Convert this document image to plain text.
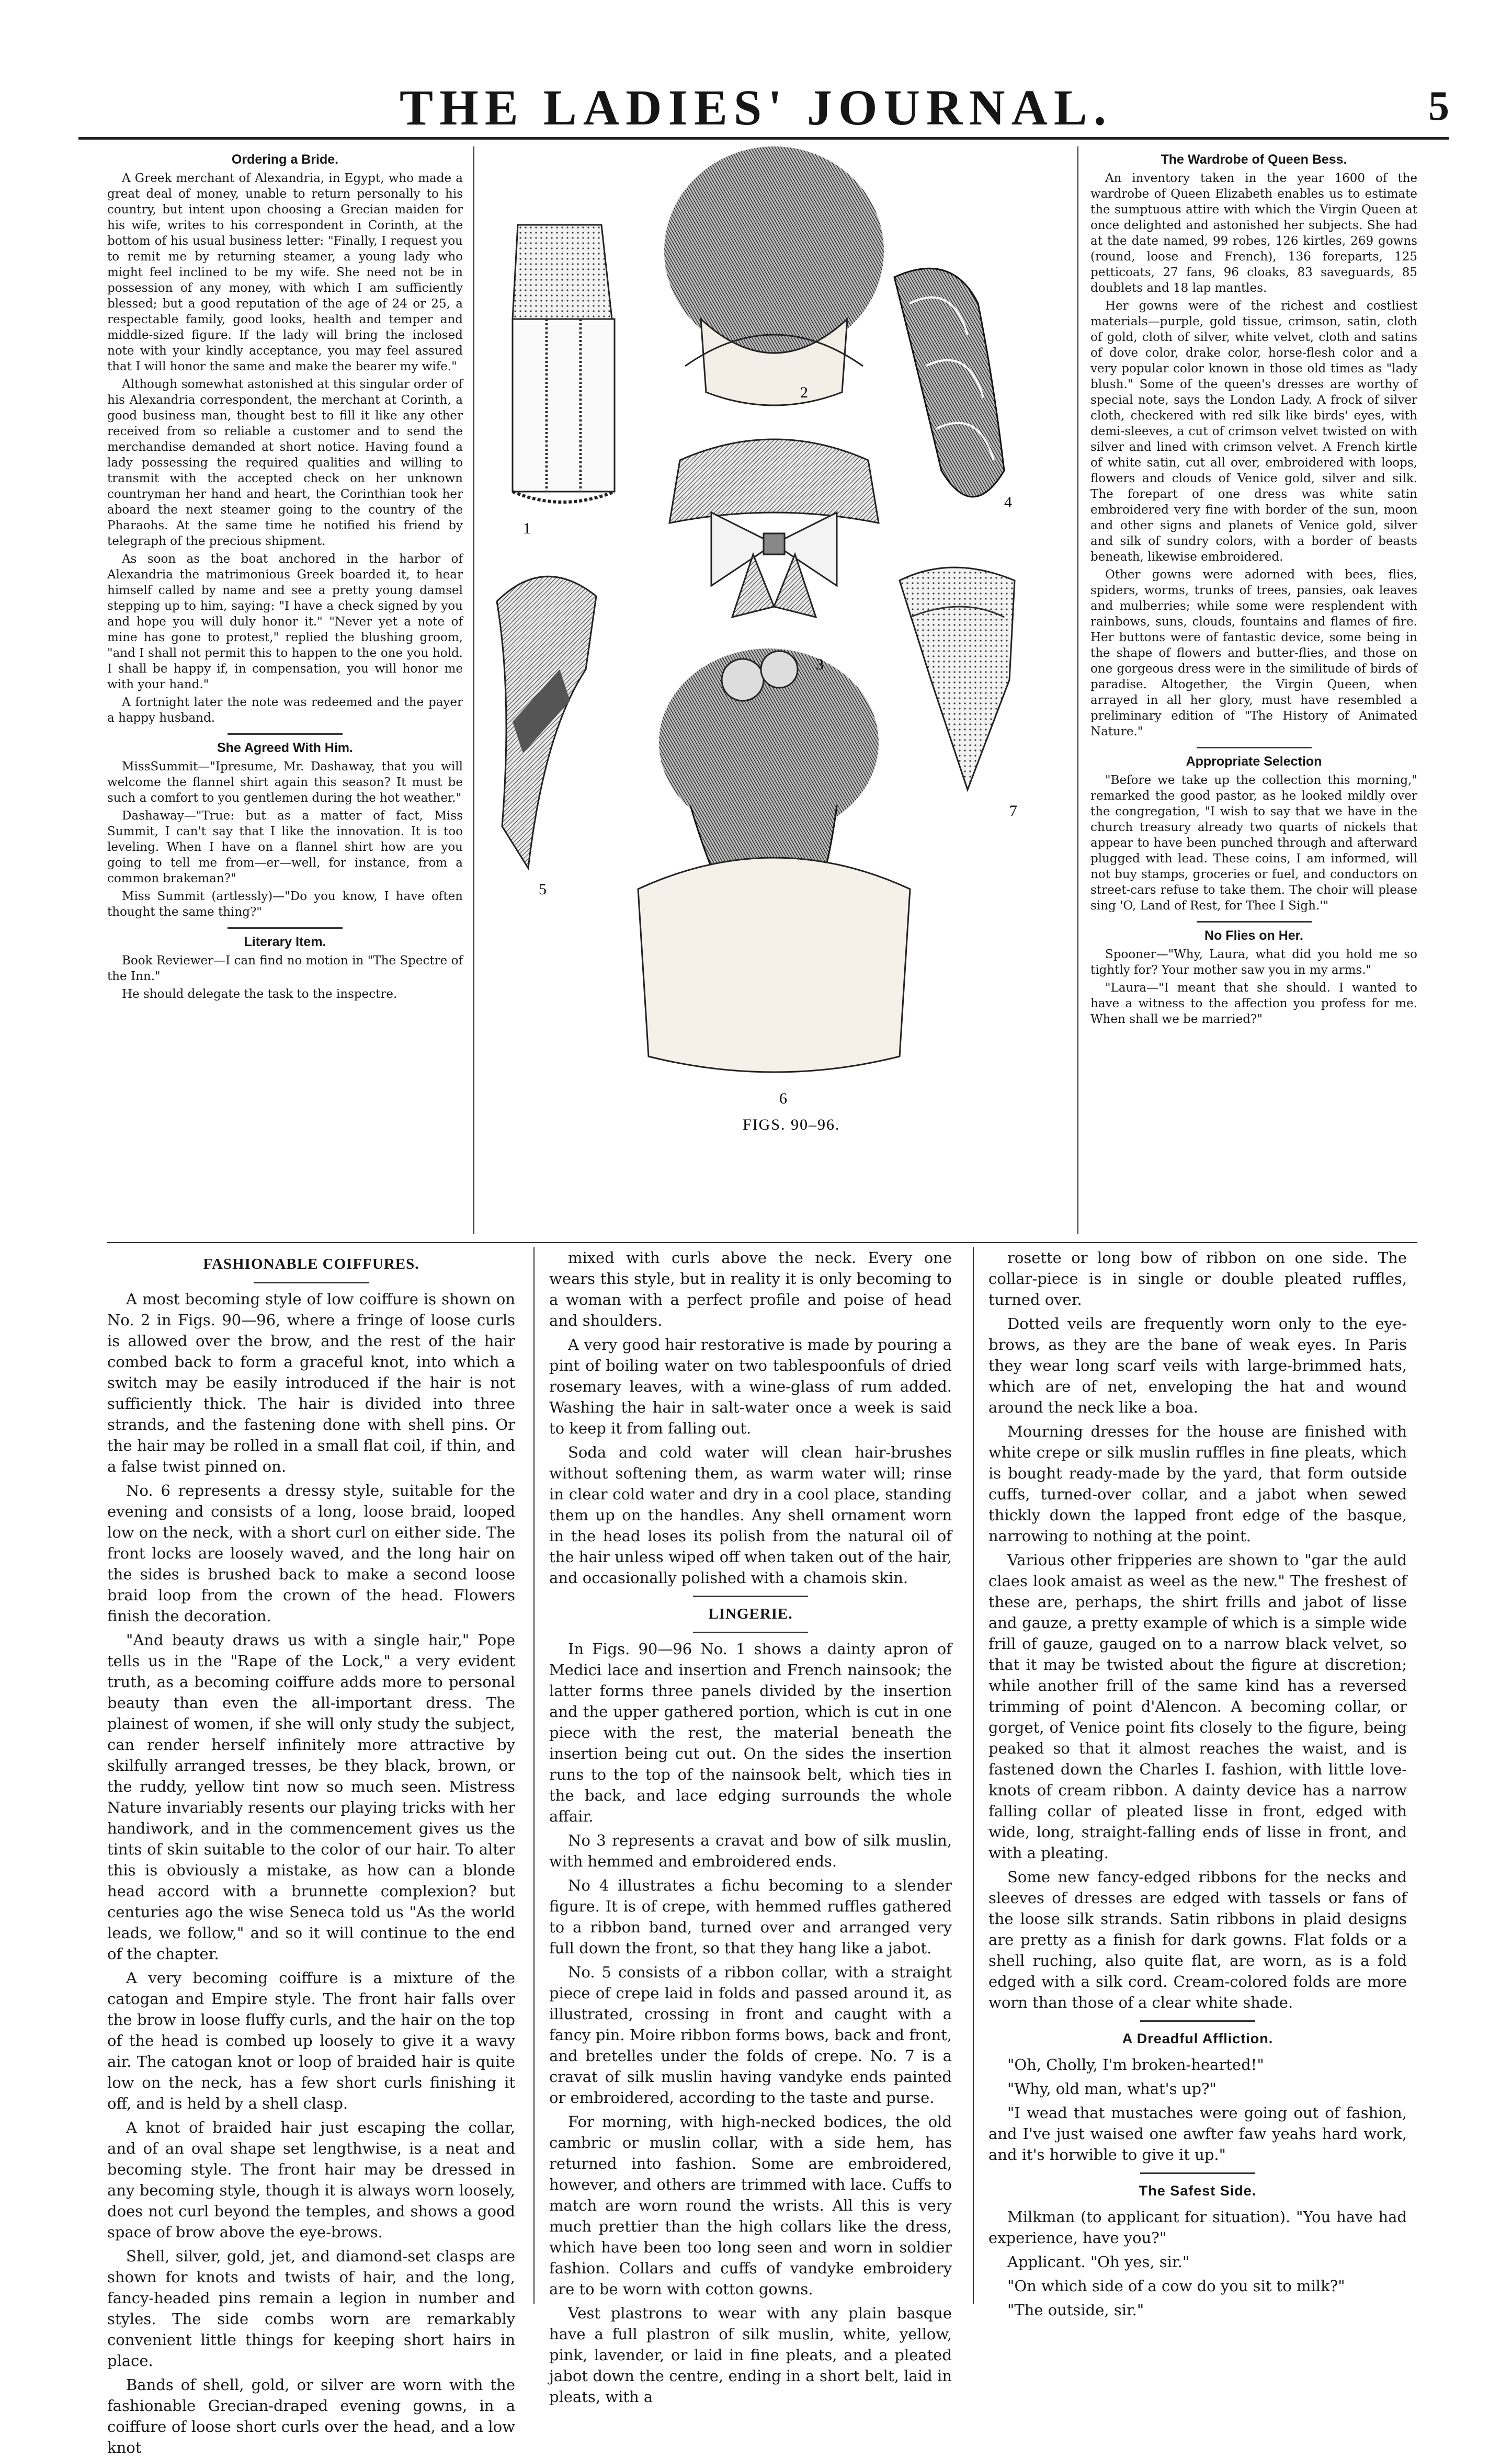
THE LADIES' JOURNAL.	5
Ordering a Bride.

A Greek merchant of Alexandria, in Egypt, who made a great deal of money, unable to return personally to his country, but intent upon choosing a Grecian maiden for his wife, writes to his correspondent in Corinth, at the bottom of his usual business letter: "Finally, I request you to remit me by returning steamer, a young lady who might feel inclined to be my wife. She need not be in possession of any money, with which I am sufficiently blessed; but a good reputation of the age of 24 or 25, a respectable family, good looks, health and temper and middle-sized figure. If the lady will bring the inclosed note with your kindly acceptance, you may feel assured that I will honor the same and make the bearer my wife."

Although somewhat astonished at this singular order of his Alexandria correspondent, the merchant at Corinth, a good business man, thought best to fill it like any other received from so reliable a customer and to send the merchandise demanded at short notice. Having found a lady possessing the required qualities and willing to transmit with the accepted check on her unknown countryman her hand and heart, the Corinthian took her aboard the next steamer going to the country of the Pharaohs. At the same time he notified his friend by telegraph of the precious shipment.

As soon as the boat anchored in the harbor of Alexandria the matrimonious Greek boarded it, to hear himself called by name and see a pretty young damsel stepping up to him, saying: "I have a check signed by you and hope you will duly honor it." "Never yet a note of mine has gone to protest," replied the blushing groom, "and I shall not permit this to happen to the one you hold. I shall be happy if, in compensation, you will honor me with your hand."

A fortnight later the note was redeemed and the payer a happy husband.

She Agreed With Him.

MissSummit—"Ipresume, Mr. Dashaway, that you will welcome the flannel shirt again this season? It must be such a comfort to you gentlemen during the hot weather."

Dashaway—"True: but as a matter of fact, Miss Summit, I can't say that I like the innovation. It is too leveling. When I have on a flannel shirt how are you going to tell me from—er—well, for instance, from a common brakeman?"

Miss Summit (artlessly)—"Do you know, I have often thought the same thing?"

Literary Item.

Book Reviewer—I can find no motion in "The Spectre of the Inn."

He should delegate the task to the inspectre.

The Wardrobe of Queen Bess.

An inventory taken in the year 1600 of the wardrobe of Queen Elizabeth enables us to estimate the sumptuous attire with which the Virgin Queen at once delighted and astonished her subjects. She had at the date named, 99 robes, 126 kirtles, 269 gowns (round, loose and French), 136 foreparts, 125 petticoats, 27 fans, 96 cloaks, 83 saveguards, 85 doublets and 18 lap mantles.

Her gowns were of the richest and costliest materials—purple, gold tissue, crimson, satin, cloth of gold, cloth of silver, white velvet, cloth and satins of dove color, drake color, horse-flesh color and a very popular color known in those old times as "lady blush." Some of the queen's dresses are worthy of special note, says the London Lady. A frock of silver cloth, checkered with red silk like birds' eyes, with demi-sleeves, a cut of crimson velvet twisted on with silver and lined with crimson velvet. A French kirtle of white satin, cut all over, embroidered with loops, flowers and clouds of Venice gold, silver and silk. The forepart of one dress was white satin embroidered very fine with border of the sun, moon and other signs and planets of Venice gold, silver and silk of sundry colors, with a border of beasts beneath, likewise embroidered.

Other gowns were adorned with bees, flies, spiders, worms, trunks of trees, pansies, oak leaves and mulberries; while some were resplendent with rainbows, suns, clouds, fountains and flames of fire. Her buttons were of fantastic device, some being in the shape of flowers and butter-flies, and those on one gorgeous dress were in the similitude of birds of paradise. Altogether, the Virgin Queen, when arrayed in all her glory, must have resembled a preliminary edition of "The History of Animated Nature."

Appropriate Selection

"Before we take up the collection this morning," remarked the good pastor, as he looked mildly over the congregation, "I wish to say that we have in the church treasury already two quarts of nickels that appear to have been punched through and afterward plugged with lead. These coins, I am informed, will not buy stamps, groceries or fuel, and conductors on street-cars refuse to take them. The choir will please sing 'O, Land of Rest, for Thee I Sigh.'"

No Flies on Her.

Spooner—"Why, Laura, what did you hold me so tightly for? Your mother saw you in my arms."

"Laura—"I meant that she should. I wanted to have a witness to the affection you profess for me. When shall we be married?"

1
2
3
4
5
6
7
FIGS. 90–96.
FASHIONABLE COIFFURES.

A most becoming style of low coiffure is shown on No. 2 in Figs. 90—96, where a fringe of loose curls is allowed over the brow, and the rest of the hair combed back to form a graceful knot, into which a switch may be easily introduced if the hair is not sufficiently thick. The hair is divided into three strands, and the fastening done with shell pins. Or the hair may be rolled in a small flat coil, if thin, and a false twist pinned on.

No. 6 represents a dressy style, suitable for the evening and consists of a long, loose braid, looped low on the neck, with a short curl on either side. The front locks are loosely waved, and the long hair on the sides is brushed back to make a second loose braid loop from the crown of the head. Flowers finish the decoration.

"And beauty draws us with a single hair," Pope tells us in the "Rape of the Lock," a very evident truth, as a becoming coiffure adds more to personal beauty than even the all-important dress. The plainest of women, if she will only study the subject, can render herself infinitely more attractive by skilfully arranged tresses, be they black, brown, or the ruddy, yellow tint now so much seen. Mistress Nature invariably resents our playing tricks with her handiwork, and in the commencement gives us the tints of skin suitable to the color of our hair. To alter this is obviously a mistake, as how can a blonde head accord with a brunnette complexion? but centuries ago the wise Seneca told us "As the world leads, we follow," and so it will continue to the end of the chapter.

A very becoming coiffure is a mixture of the catogan and Empire style. The front hair falls over the brow in loose fluffy curls, and the hair on the top of the head is combed up loosely to give it a wavy air. The catogan knot or loop of braided hair is quite low on the neck, has a few short curls finishing it off, and is held by a shell clasp.

A knot of braided hair just escaping the collar, and of an oval shape set lengthwise, is a neat and becoming style. The front hair may be dressed in any becoming style, though it is always worn loosely, does not curl beyond the temples, and shows a good space of brow above the eye-brows.

Shell, silver, gold, jet, and diamond-set clasps are shown for knots and twists of hair, and the long, fancy-headed pins remain a legion in number and styles. The side combs worn are remarkably convenient little things for keeping short hairs in place.

Bands of shell, gold, or silver are worn with the fashionable Grecian-draped evening gowns, in a coiffure of loose short curls over the head, and a low knot

mixed with curls above the neck. Every one wears this style, but in reality it is only becoming to a woman with a perfect profile and poise of head and shoulders.

A very good hair restorative is made by pouring a pint of boiling water on two tablespoonfuls of dried rosemary leaves, with a wine-glass of rum added. Washing the hair in salt-water once a week is said to keep it from falling out.

Soda and cold water will clean hair-brushes without softening them, as warm water will; rinse in clear cold water and dry in a cool place, standing them up on the handles. Any shell ornament worn in the head loses its polish from the natural oil of the hair unless wiped off when taken out of the hair, and occasionally polished with a chamois skin.

LINGERIE.

In Figs. 90—96 No. 1 shows a dainty apron of Medici lace and insertion and French nainsook; the latter forms three panels divided by the insertion and the upper gathered portion, which is cut in one piece with the rest, the material beneath the insertion being cut out. On the sides the insertion runs to the top of the nainsook belt, which ties in the back, and lace edging surrounds the whole affair.

No 3 represents a cravat and bow of silk muslin, with hemmed and embroidered ends.

No 4 illustrates a fichu becoming to a slender figure. It is of crepe, with hemmed ruffles gathered to a ribbon band, turned over and arranged very full down the front, so that they hang like a jabot.

No. 5 consists of a ribbon collar, with a straight piece of crepe laid in folds and passed around it, as illustrated, crossing in front and caught with a fancy pin. Moire ribbon forms bows, back and front, and bretelles under the folds of crepe. No. 7 is a cravat of silk muslin having vandyke ends painted or embroidered, according to the taste and purse.

For morning, with high-necked bodices, the old cambric or muslin collar, with a side hem, has returned into fashion. Some are embroidered, however, and others are trimmed with lace. Cuffs to match are worn round the wrists. All this is very much prettier than the high collars like the dress, which have been too long seen and worn in soldier fashion. Collars and cuffs of vandyke embroidery are to be worn with cotton gowns.

Vest plastrons to wear with any plain basque have a full plastron of silk muslin, white, yellow, pink, lavender, or laid in fine pleats, and a pleated jabot down the centre, ending in a short belt, laid in pleats, with a

rosette or long bow of ribbon on one side. The collar-piece is in single or double pleated ruffles, turned over.

Dotted veils are frequently worn only to the eye-brows, as they are the bane of weak eyes. In Paris they wear long scarf veils with large-brimmed hats, which are of net, enveloping the hat and wound around the neck like a boa.

Mourning dresses for the house are finished with white crepe or silk muslin ruffles in fine pleats, which is bought ready-made by the yard, that form outside cuffs, turned-over collar, and a jabot when sewed thickly down the lapped front edge of the basque, narrowing to nothing at the point.

Various other fripperies are shown to "gar the auld claes look amaist as weel as the new." The freshest of these are, perhaps, the shirt frills and jabot of lisse and gauze, a pretty example of which is a simple wide frill of gauze, gauged on to a narrow black velvet, so that it may be twisted about the figure at discretion; while another frill of the same kind has a reversed trimming of point d'Alencon. A becoming collar, or gorget, of Venice point fits closely to the figure, being peaked so that it almost reaches the waist, and is fastened down the Charles I. fashion, with little love-knots of cream ribbon. A dainty device has a narrow falling collar of pleated lisse in front, edged with wide, long, straight-falling ends of lisse in front, and with a pleating.

Some new fancy-edged ribbons for the necks and sleeves of dresses are edged with tassels or fans of the loose silk strands. Satin ribbons in plaid designs are pretty as a finish for dark gowns. Flat folds or a shell ruching, also quite flat, are worn, as is a fold edged with a silk cord. Cream-colored folds are more worn than those of a clear white shade.

A Dreadful Affliction.

"Oh, Cholly, I'm broken-hearted!"

"Why, old man, what's up?"

"I wead that mustaches were going out of fashion, and I've just waised one awfter faw yeahs hard work, and it's horwible to give it up."

The Safest Side.

Milkman (to applicant for situation). "You have had experience, have you?"

Applicant. "Oh yes, sir."

"On which side of a cow do you sit to milk?"

"The outside, sir."
